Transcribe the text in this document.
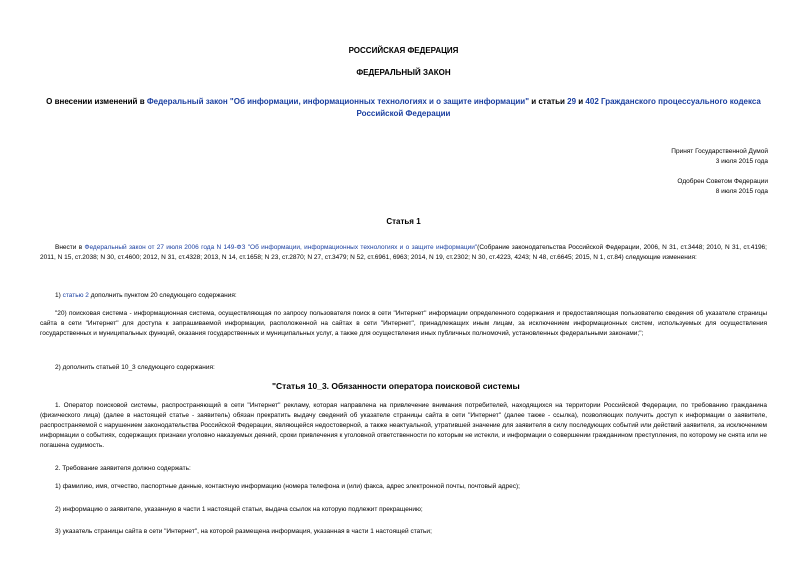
РОССИЙСКАЯ ФЕДЕРАЦИЯ
ФЕДЕРАЛЬНЫЙ ЗАКОН
О внесении изменений в Федеральный закон "Об информации, информационных технологиях и о защите информации" и статьи 29 и 402 Гражданского процессуального кодекса Российской Федерации
Принят Государственной Думой
3 июля 2015 года
Одобрен Советом Федерации
8 июля 2015 года
Статья 1

Внести в Федеральный закон от 27 июля 2006 года N 149-ФЗ "Об информации, информационных технологиях и о защите информации"(Собрание законодательства Российской Федерации, 2006, N 31, ст.3448; 2010, N 31, ст.4196; 2011, N 15, ст.2038; N 30, ст.4600; 2012, N 31, ст.4328; 2013, N 14, ст.1658; N 23, ст.2870; N 27, ст.3479; N 52, ст.6961, 6963; 2014, N 19, ст.2302; N 30, ст.4223, 4243; N 48, ст.6645; 2015, N 1, ст.84) следующие изменения:

1) статью 2 дополнить пунктом 20 следующего содержания:

"20) поисковая система - информационная система, осуществляющая по запросу пользователя поиск в сети "Интернет" информации определенного содержания и предоставляющая пользователю сведения об указателе страницы сайта в сети "Интернет" для доступа к запрашиваемой информации, расположенной на сайтах в сети "Интернет", принадлежащих иным лицам, за исключением информационных систем, используемых для осуществления государственных и муниципальных функций, оказания государственных и муниципальных услуг, а также для осуществления иных публичных полномочий, установленных федеральными законами;";

2) дополнить статьей 10_3 следующего содержания:

"Статья 10_3. Обязанности оператора поисковой системы

1. Оператор поисковой системы, распространяющий в сети "Интернет" рекламу, которая направлена на привлечение внимания потребителей, находящихся на территории Российской Федерации, по требованию гражданина (физического лица) (далее в настоящей статье - заявитель) обязан прекратить выдачу сведений об указателе страницы сайта в сети "Интернет" (далее также - ссылка), позволяющих получить доступ к информации о заявителе, распространяемой с нарушением законодательства Российской Федерации, являющейся недостоверной, а также неактуальной, утратившей значение для заявителя в силу последующих событий или действий заявителя, за исключением информации о событиях, содержащих признаки уголовно наказуемых деяний, сроки привлечения к уголовной ответственности по которым не истекли, и информации о совершении гражданином преступления, по которому не снята или не погашена судимость.

2. Требование заявителя должно содержать:

1) фамилию, имя, отчество, паспортные данные, контактную информацию (номера телефона и (или) факса, адрес электронной почты, почтовый адрес);

2) информацию о заявителе, указанную в части 1 настоящей статьи, выдача ссылок на которую подлежит прекращению;

3) указатель страницы сайта в сети "Интернет", на которой размещена информация, указанная в части 1 настоящей статьи;
